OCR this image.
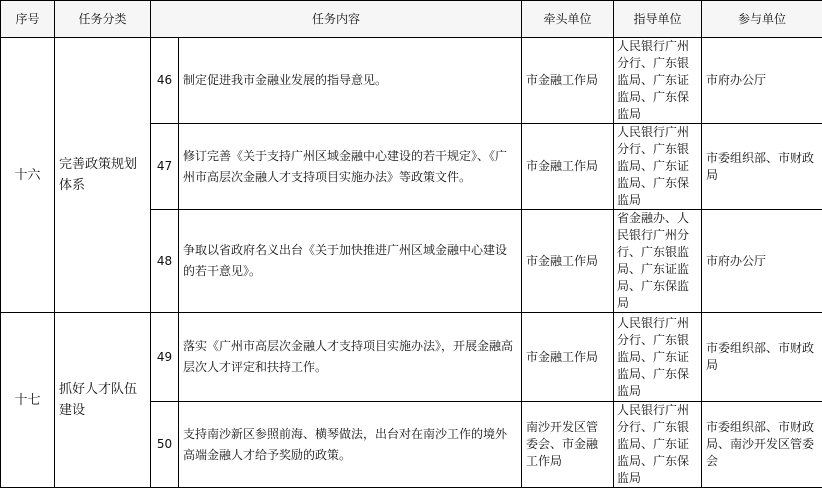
序号	任务分类	任务内容		牵头单位	指导单位	参与单位
十六	完善政策规划体系	46	制定促进我市金融业发展的指导意见。	市金融工作局	人民银行广州分行、广东银监局、广东证监局、广东保监局	市府办公厅
		47	修订完善《关于支持广州区域金融中心建设的若干规定》、《广州市高层次金融人才支持项目实施办法》等政策文件。	市金融工作局	人民银行广州分行、广东银监局、广东证监局、广东保监局	市委组织部、市财政局
		48	争取以省政府名义出台《关于加快推进广州区域金融中心建设的若干意见》。	市金融工作局	省金融办、人民银行广州分行、广东银监局、广东证监局、广东保监局	市府办公厅
十七	抓好人才队伍建设	49	落实《广州市高层次金融人才支持项目实施办法》，开展金融高层次人才评定和扶持工作。	市金融工作局	人民银行广州分行、广东银监局、广东证监局、广东保监局	市委组织部、市财政局
		50	支持南沙新区参照前海、横琴做法，出台对在南沙工作的境外高端金融人才给予奖励的政策。	南沙开发区管委会、市金融工作局	人民银行广州分行、广东银监局、广东证监局、广东保监局	市委组织部、市财政局、南沙开发区管委会
